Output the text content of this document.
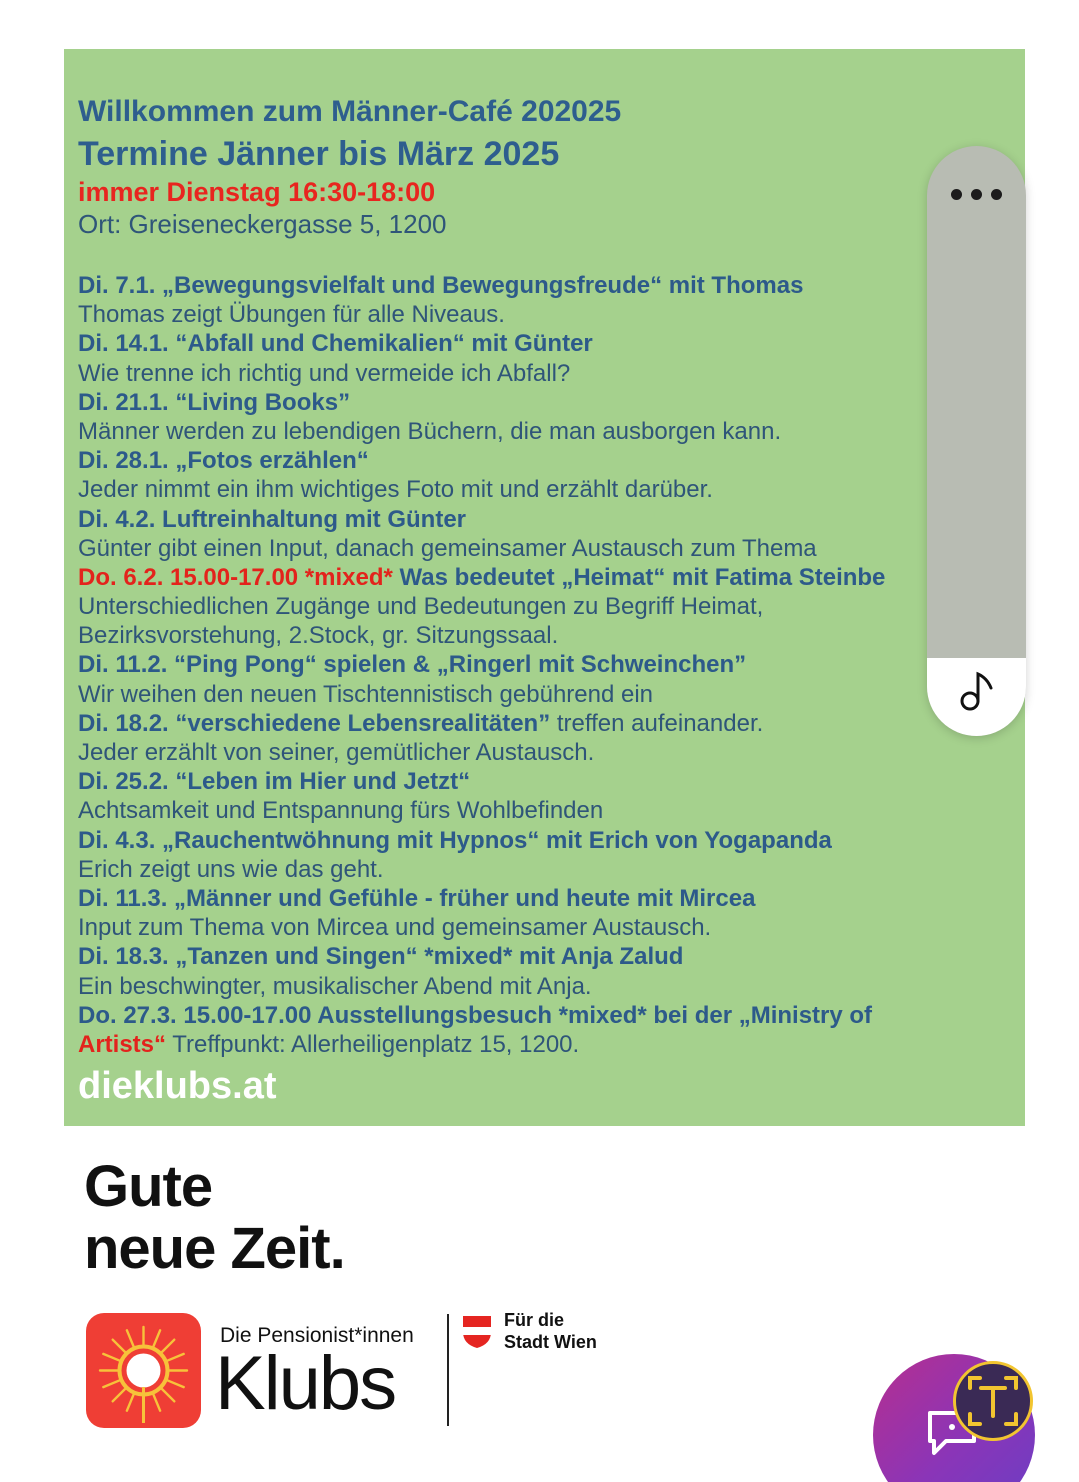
Willkommen zum Männer-Café 202025
Termine Jänner bis März 2025
immer Dienstag 16:30-18:00
Ort: Greiseneckergasse 5, 1200
Di. 7.1. „Bewegungsvielfalt und Bewegungsfreude“ mit Thomas
Thomas zeigt Übungen für alle Niveaus.
Di. 14.1. “Abfall und Chemikalien“ mit Günter
Wie trenne ich richtig und vermeide ich Abfall?
Di. 21.1. “Living Books”
Männer werden zu lebendigen Büchern, die man ausborgen kann.
Di. 28.1. „Fotos erzählen“
Jeder nimmt ein ihm wichtiges Foto mit und erzählt darüber.
Di. 4.2. Luftreinhaltung mit Günter
Günter gibt einen Input, danach gemeinsamer Austausch zum Thema
Do. 6.2. 15.00-17.00 *mixed* Was bedeutet „Heimat“ mit Fatima Steinbe
Unterschiedlichen Zugänge und Bedeutungen zu Begriff Heimat,
Bezirksvorstehung, 2.Stock, gr. Sitzungssaal.
Di. 11.2. “Ping Pong“ spielen & „Ringerl mit Schweinchen”
Wir weihen den neuen Tischtennistisch gebührend ein
Di. 18.2. “verschiedene Lebensrealitäten” treffen aufeinander.
Jeder erzählt von seiner, gemütlicher Austausch.
Di. 25.2. “Leben im Hier und Jetzt“
Achtsamkeit und Entspannung fürs Wohlbefinden
Di. 4.3. „Rauchentwöhnung mit Hypnos“ mit Erich von Yogapanda
Erich zeigt uns wie das geht.
Di. 11.3. „Männer und Gefühle - früher und heute mit Mircea
Input zum Thema von Mircea und gemeinsamer Austausch.
Di. 18.3. „Tanzen und Singen“ *mixed* mit Anja Zalud
Ein beschwingter, musikalischer Abend mit Anja.
Do. 27.3. 15.00-17.00 Ausstellungsbesuch *mixed* bei der „Ministry of
Artists“ Treffpunkt: Allerheiligenplatz 15, 1200.
dieklubs.at
Gute
neue Zeit.
Die Pensionist*innen
Klubs
Für die
Stadt Wien
